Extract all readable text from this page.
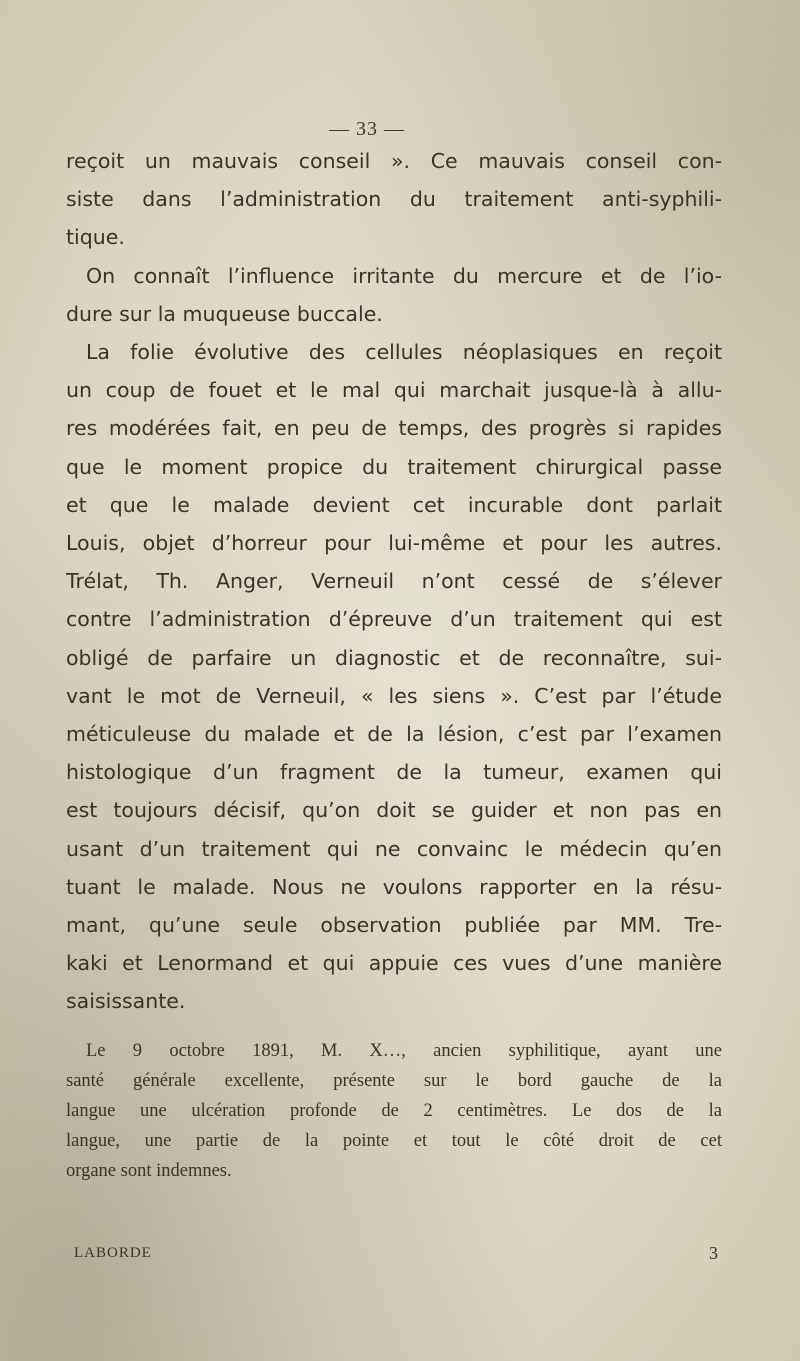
— 33 —
reçoit un mauvais conseil ». Ce mauvais conseil con-
siste dans l’administration du traitement anti-syphili-
tique.
On connaît l’influence irritante du mercure et de l’io-
dure sur la muqueuse buccale.
La folie évolutive des cellules néoplasiques en reçoit
un coup de fouet et le mal qui marchait jusque-là à allu-
res modérées fait, en peu de temps, des progrès si rapides
que le moment propice du traitement chirurgical passe
et que le malade devient cet incurable dont parlait
Louis, objet d’horreur pour lui-même et pour les autres.
Trélat, Th. Anger, Verneuil n’ont cessé de s’élever
contre l’administration d’épreuve d’un traitement qui est
obligé de parfaire un diagnostic et de reconnaître, sui-
vant le mot de Verneuil, « les siens ». C’est par l’étude
méticuleuse du malade et de la lésion, c’est par l’examen
histologique d’un fragment de la tumeur, examen qui
est toujours décisif, qu’on doit se guider et non pas en
usant d’un traitement qui ne convainc le médecin qu’en
tuant le malade. Nous ne voulons rapporter en la résu-
mant, qu’une seule observation publiée par MM. Tre-
kaki et Lenormand et qui appuie ces vues d’une manière
saisissante.
Le 9 octobre 1891, M. X…, ancien syphilitique, ayant une
santé générale excellente, présente sur le bord gauche de la
langue une ulcération profonde de 2 centimètres. Le dos de la
langue, une partie de la pointe et tout le côté droit de cet
organe sont indemnes.
LABORDE	3
